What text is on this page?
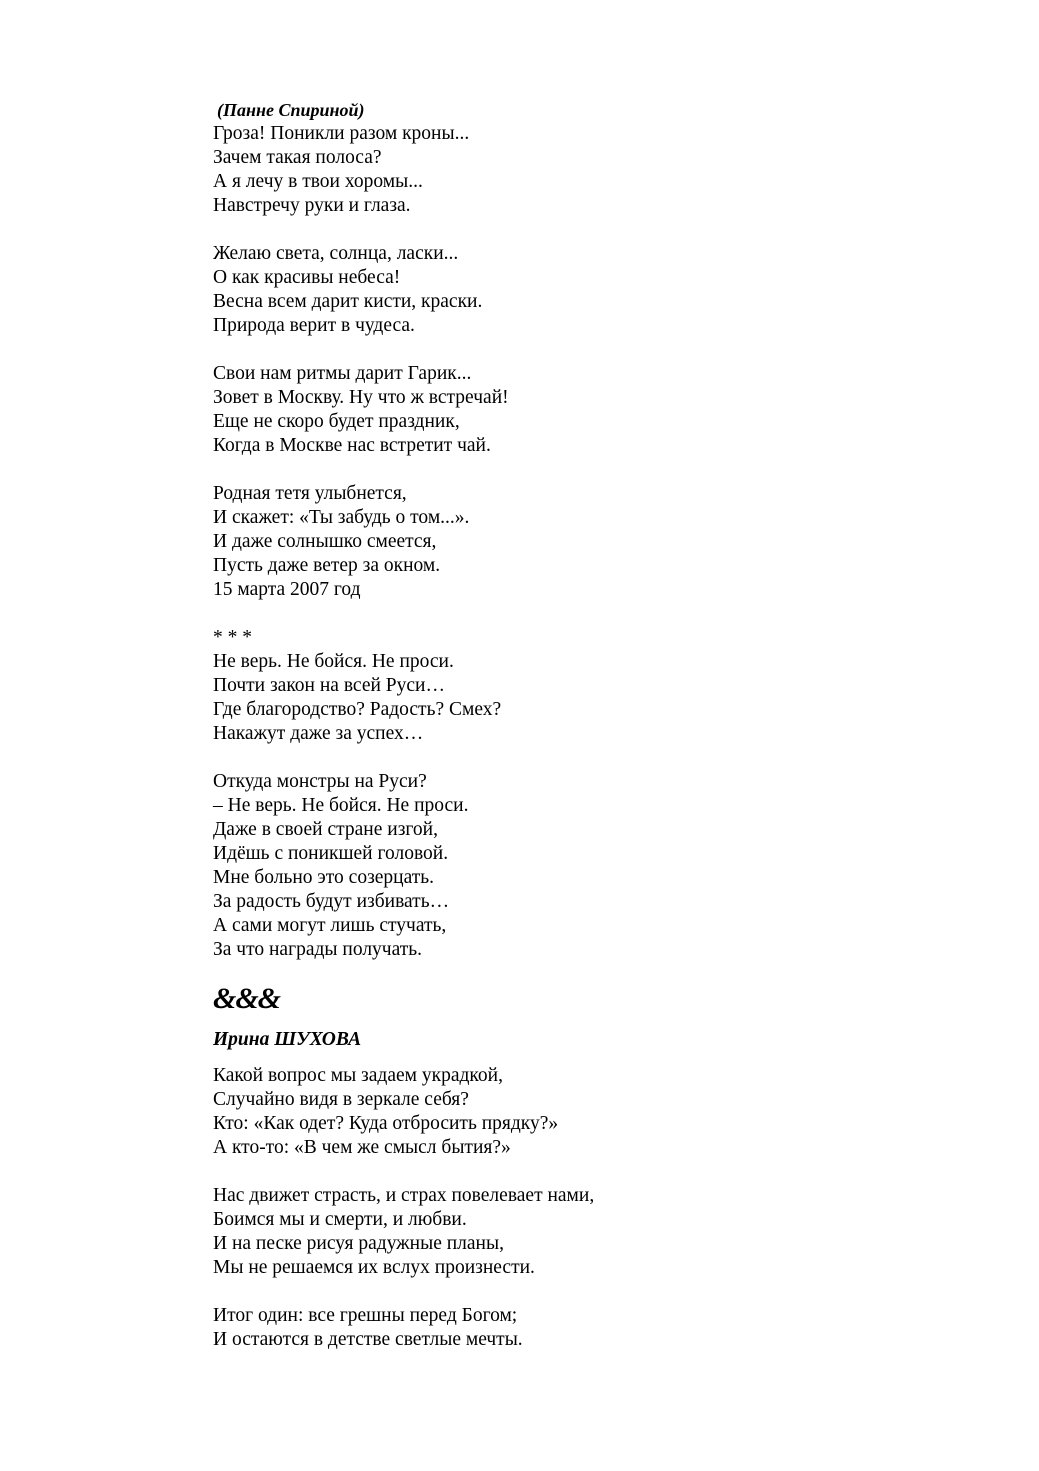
(Панне Спириной)
Гроза! Поникли разом кроны...
Зачем такая полоса?
А я лечу в твои хоромы...
Навстречу руки и глаза.
Желаю света, солнца, ласки...
О как красивы небеса!
Весна всем дарит кисти, краски.
Природа верит в чудеса.
Свои нам ритмы дарит Гарик...
Зовет в Москву. Ну что ж встречай!
Еще не скоро будет праздник,
Когда в Москве нас встретит чай.
Родная тетя улыбнется,
И скажет: «Ты забудь о том...».
И даже солнышко смеется,
Пусть даже ветер за окном.
15 марта 2007 год
* * *
Не верь. Не бойся. Не проси.
Почти закон на всей Руси…
Где благородство? Радость? Смех?
Накажут даже за успех…
Откуда монстры на Руси?
– Не верь. Не бойся. Не проси.
Даже в своей стране изгой,
Идёшь с поникшей головой.
Мне больно это созерцать.
За радость будут избивать…
А сами могут лишь стучать,
За что награды получать.
&&&
Ирина ШУХОВА
Какой вопрос мы задаем украдкой,
Случайно видя в зеркале себя?
Кто: «Как одет? Куда отбросить прядку?»
А кто-то: «В чем же смысл бытия?»
Нас движет страсть, и страх повелевает нами,
Боимся мы и смерти, и любви.
И на песке рисуя радужные планы,
Мы не решаемся их вслух произнести.
Итог один: все грешны перед Богом;
И остаются в детстве светлые мечты.
